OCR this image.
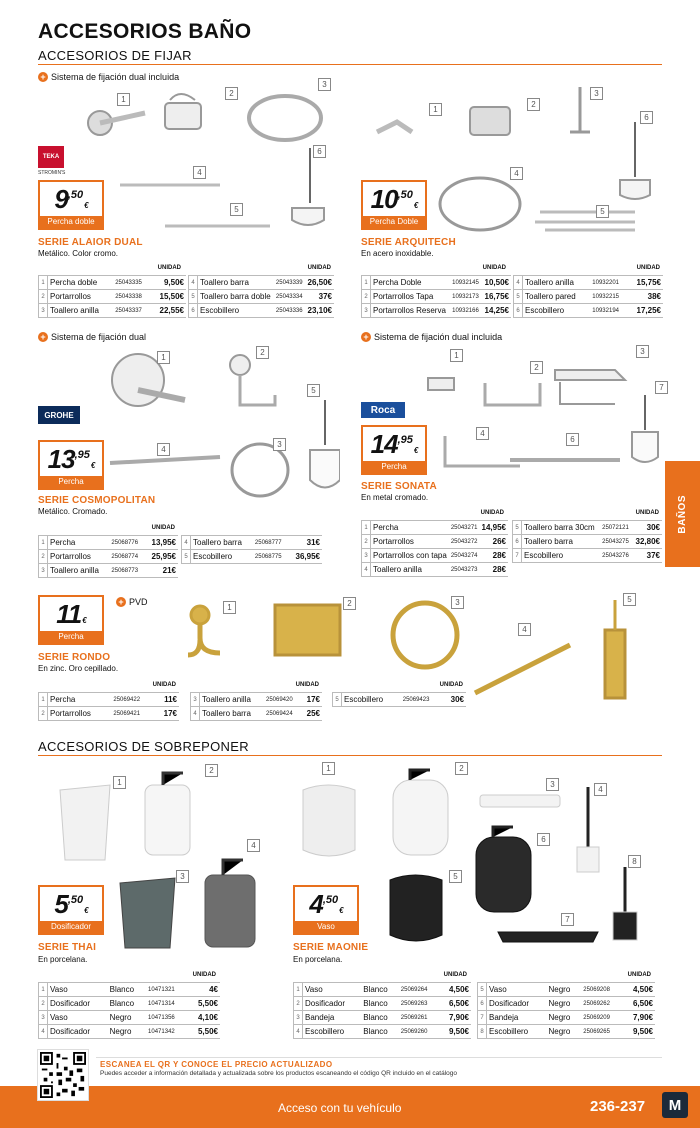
ACCESORIOS BAÑO
ACCESORIOS DE FIJAR
BAÑOS
+ Sistema de fijación dual incluida
TEKA
STROMIN'S
1
2
3
4
5
6
9 ,50
€
Percha doble
SERIE ALAIOR DUAL
Metálico. Color cromo.
UNIDAD	UNIDAD
1	Percha doble	25043335	9,50€
2	Portarrollos	25043338	15,50€
3	Toallero anilla	25043337	22,55€
4	Toallero barra	25043339	26,50€
5	Toallero barra doble	25043334	37€
6	Escobillero	25043336	23,10€
1
2
3
4
5
6
10 ,50
€
Percha Doble
SERIE ARQUITECH
En acero inoxidable.
UNIDAD	UNIDAD
1	Percha Doble	10932145	10,50€
2	Portarrollos Tapa	10932173	16,75€
3	Portarrollos Reserva	10932166	14,25€
4	Toallero anilla	10932201	15,75€
5	Toallero pared	10932215	38€
6	Escobillero	10932194	17,25€
+ Sistema de fijación dual
GROHE
1
2
5
4
3
13 ,95
€
Percha
SERIE COSMOPOLITAN
Metálico. Cromado.
UNIDAD
1	Percha	25068776	13,95€
2	Portarrollos	25068774	25,95€
3	Toallero anilla	25068773	21€
4	Toallero barra	25068777	31€
5	Escobillero	25068775	36,95€
+ Sistema de fijación dual incluida
Roca
1
2
3
4
6
7
14 ,95
€
Percha
SERIE SONATA
En metal cromado.
UNIDAD	UNIDAD
1	Percha	25043271	14,95€
2	Portarrollos	25043272	26€
3	Portarrollos con tapa	25043274	28€
4	Toallero anilla	25043273	28€
5	Toallero barra 30cm	25072121	30€
6	Toallero barra	25043275	32,80€
7	Escobillero	25043276	37€
+ PVD
1	2	3
4
5
11 €
Percha
SERIE RONDO
En zinc. Oro cepillado.
UNIDAD	UNIDAD	UNIDAD
1	Percha	25069422	11€
2	Portarrollos	25069421	17€
3	Toallero anilla	25069420	17€
4	Toallero barra	25069424	25€
5	Escobillero	25069423	30€
ACCESORIOS DE SOBREPONER
1
2
3
4
1	2
3
4
6
5
8
7
5 ,50
€
Dosificador
SERIE THAI
En porcelana.
UNIDAD
1	Vaso	Blanco	10471321	4€
2	Dosificador	Blanco	10471314	5,50€
3	Vaso	Negro	10471356	4,10€
4	Dosificador	Negro	10471342	5,50€
4 ,50
€
Vaso
SERIE MAONIE
En porcelana.
UNIDAD	UNIDAD
1	Vaso	Blanco	25069264	4,50€
2	Dosificador	Blanco	25069263	6,50€
3	Bandeja	Blanco	25069261	7,90€
4	Escobillero	Blanco	25069260	9,50€
5	Vaso	Negro	25069208	4,50€
6	Dosificador	Negro	25069262	6,50€
7	Bandeja	Negro	25069209	7,90€
8	Escobillero	Negro	25069265	9,50€
ESCANEA EL QR Y CONOCE EL PRECIO ACTUALIZADO
Puedes acceder a información detallada y actualizada sobre los productos escaneando el código QR incluido en el catálogo
Acceso con tu vehículo	236-237	M
